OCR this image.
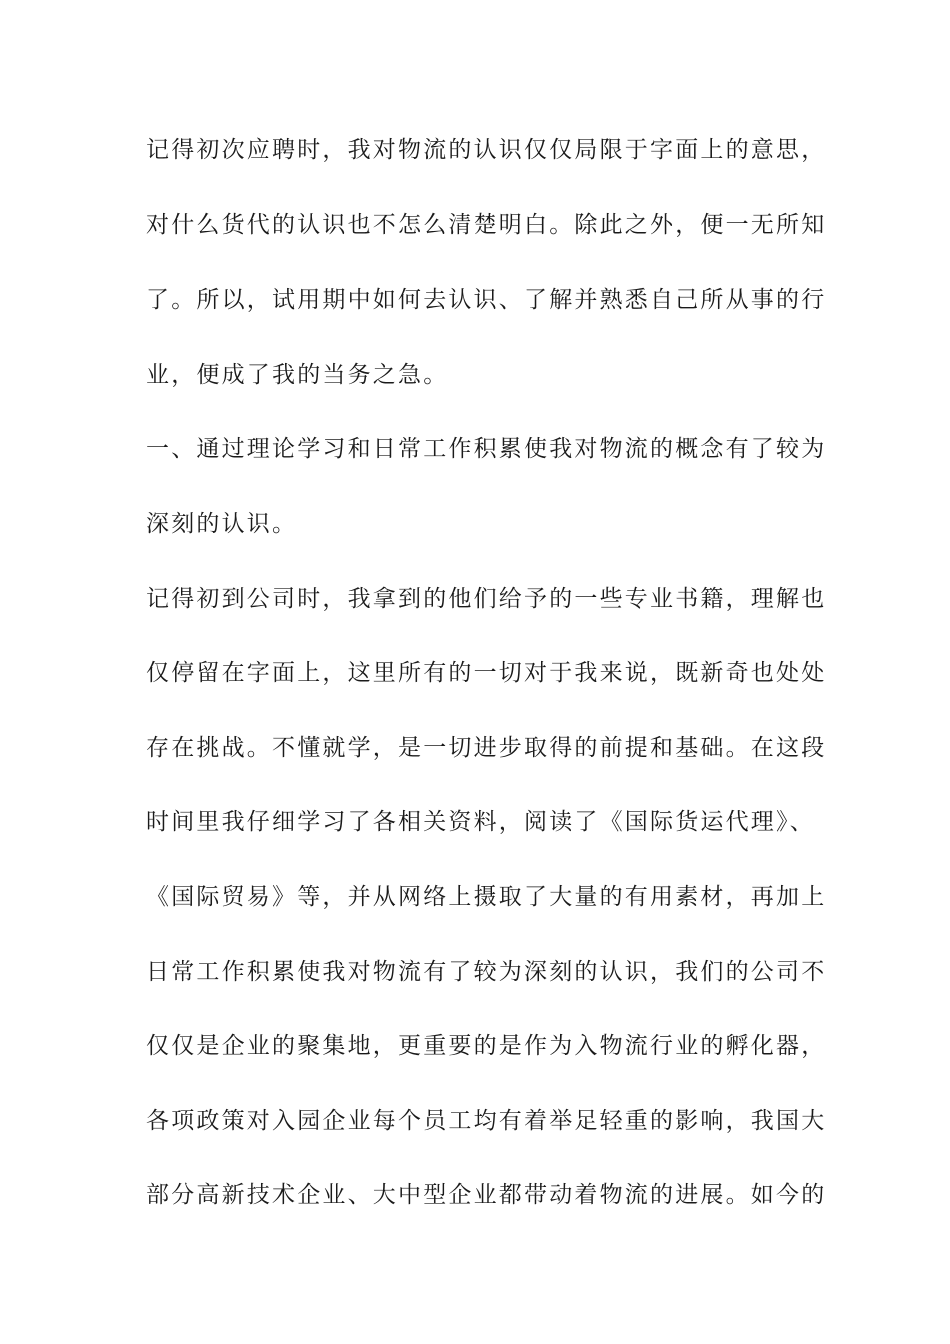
记得初次应聘时，我对物流的认识仅仅局限于字面上的意思，
对什么货代的认识也不怎么清楚明白。除此之外，便一无所知
了。所以，试用期中如何去认识、了解并熟悉自己所从事的行
业，便成了我的当务之急。
一、通过理论学习和日常工作积累使我对物流的概念有了较为
深刻的认识。
记得初到公司时，我拿到的他们给予的一些专业书籍，理解也
仅停留在字面上，这里所有的一切对于我来说，既新奇也处处
存在挑战。不懂就学，是一切进步取得的前提和基础。在这段
时间里我仔细学习了各相关资料，阅读了《国际货运代理》、
《国际贸易》等，并从网络上摄取了大量的有用素材，再加上
日常工作积累使我对物流有了较为深刻的认识，我们的公司不
仅仅是企业的聚集地，更重要的是作为入物流行业的孵化器，
各项政策对入园企业每个员工均有着举足轻重的影响，我国大
部分高新技术企业、大中型企业都带动着物流的进展。如今的
